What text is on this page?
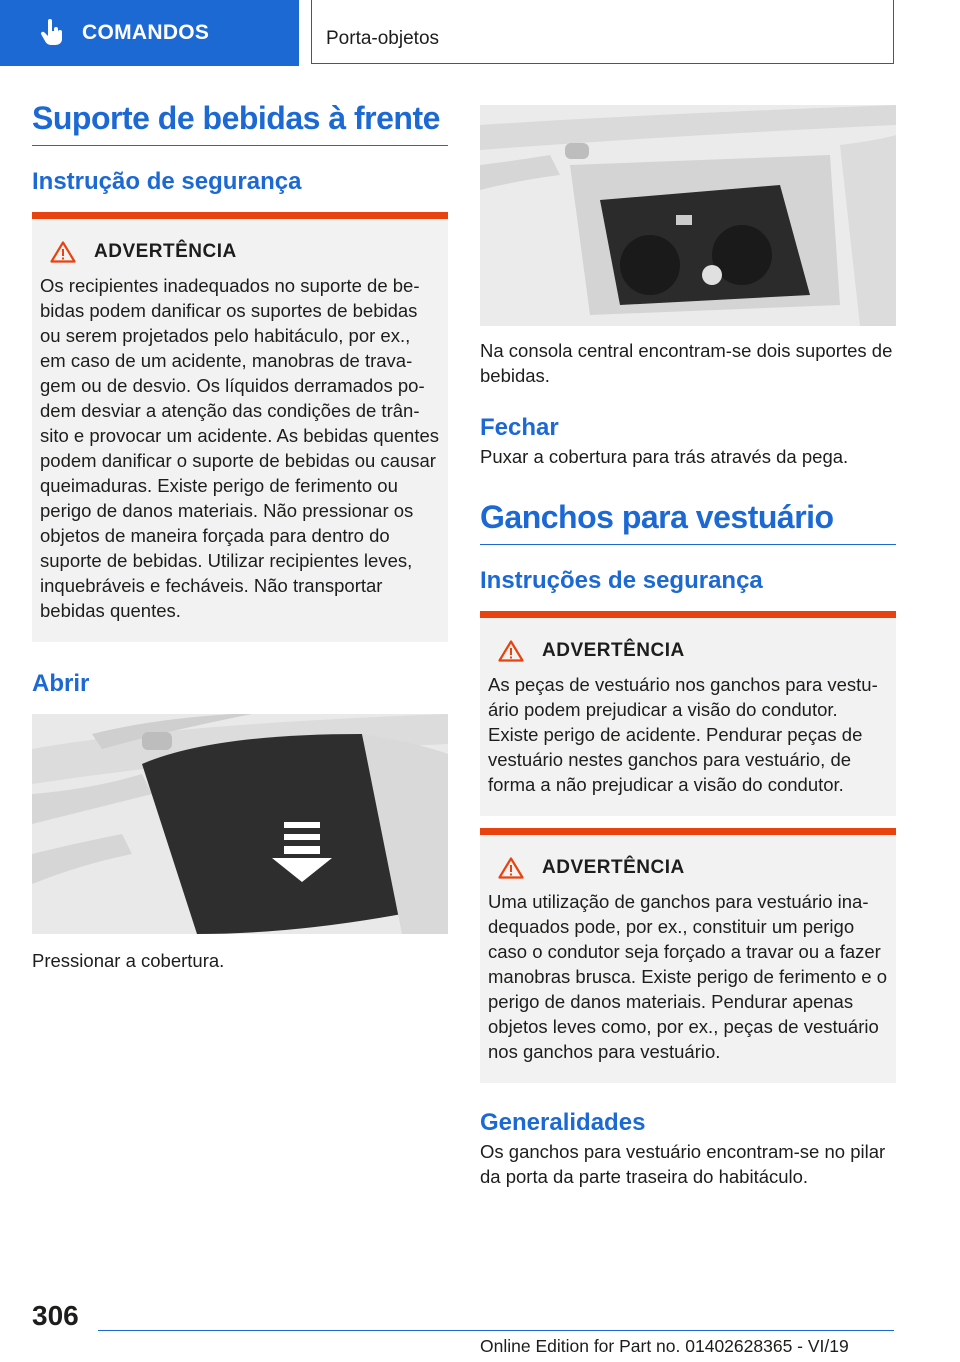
COMANDOS	Porta-objetos
Suporte de bebidas à frente
Instrução de segurança
ADVERTÊNCIA

Os recipientes inadequados no suporte de bebidas podem danificar os suportes de bebidas ou serem projetados pelo habitáculo, por ex., em caso de um acidente, manobras de travagem ou de desvio. Os líquidos derramados podem desviar a atenção das condições de trânsito e provocar um acidente. As bebidas quentes podem danificar o suporte de bebidas ou causar queimaduras. Existe perigo de ferimento ou perigo de danos materiais. Não pressionar os objetos de maneira forçada para dentro do suporte de bebidas. Utilizar recipientes leves, inquebráveis e fecháveis. Não transportar bebidas quentes.

Abrir

Pressionar a cobertura.

Na consola central encontram-se dois suportes de bebidas.

Fechar

Puxar a cobertura para trás através da pega.

Ganchos para vestuário
Instruções de segurança
ADVERTÊNCIA

As peças de vestuário nos ganchos para vestuário podem prejudicar a visão do condutor. Existe perigo de acidente. Pendurar peças de vestuário nestes ganchos para vestuário, de forma a não prejudicar a visão do condutor.

ADVERTÊNCIA

Uma utilização de ganchos para vestuário inadequados pode, por ex., constituir um perigo caso o condutor seja forçado a travar ou a fazer manobras brusca. Existe perigo de ferimento e o perigo de danos materiais. Pendurar apenas objetos leves como, por ex., peças de vestuário nos ganchos para vestuário.

Generalidades

Os ganchos para vestuário encontram-se no pilar da porta da parte traseira do habitáculo.

306
Online Edition for Part no. 01402628365 - VI/19
